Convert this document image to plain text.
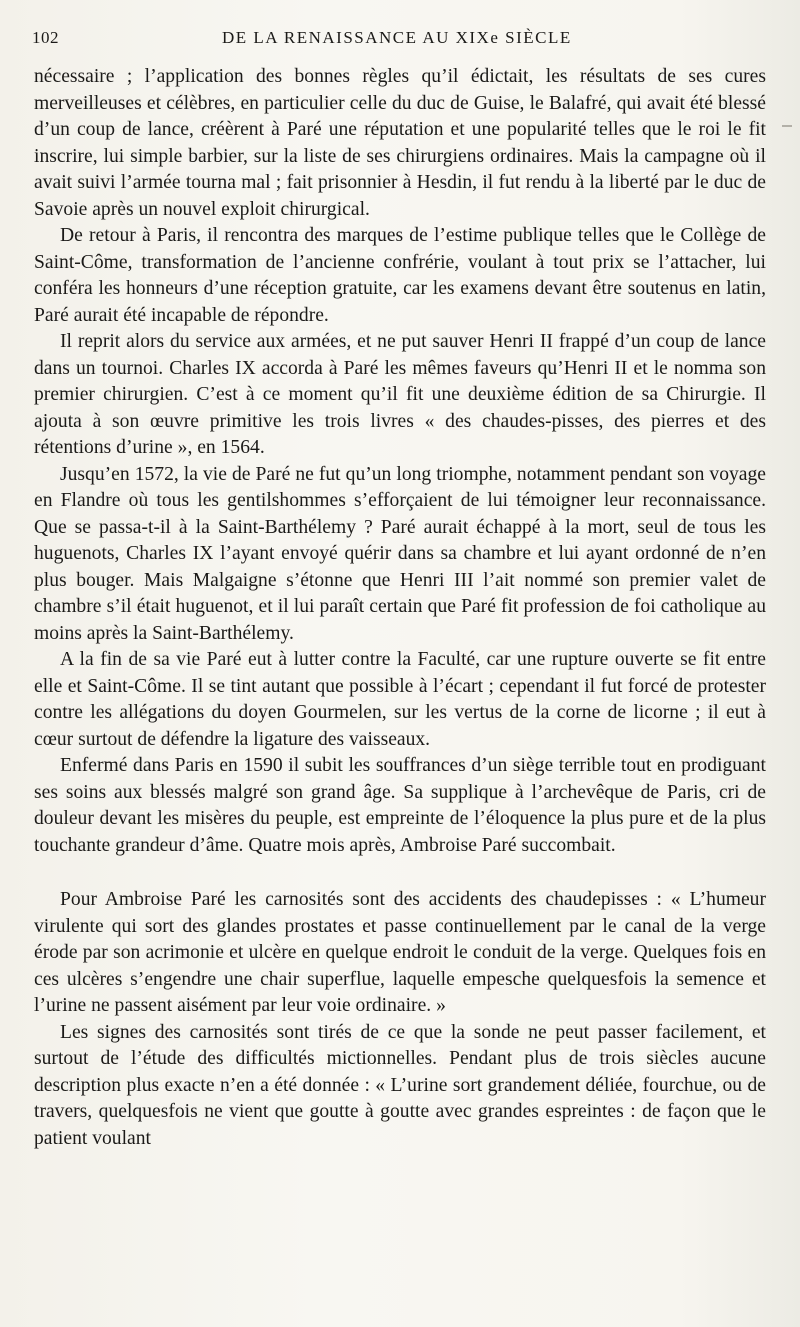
102	DE LA RENAISSANCE AU XIXe SIÈCLE

nécessaire ; l’application des bonnes règles qu’il édictait, les résultats de ses cures merveilleuses et célèbres, en particulier celle du duc de Guise, le Balafré, qui avait été blessé d’un coup de lance, créèrent à Paré une réputation et une popularité telles que le roi le fit inscrire, lui simple barbier, sur la liste de ses chirurgiens ordinaires. Mais la campagne où il avait suivi l’armée tourna mal ; fait prisonnier à Hesdin, il fut rendu à la liberté par le duc de Savoie après un nouvel exploit chirurgical.

De retour à Paris, il rencontra des marques de l’estime publique telles que le Collège de Saint-Côme, transformation de l’ancienne confrérie, voulant à tout prix se l’attacher, lui conféra les honneurs d’une réception gratuite, car les examens devant être soutenus en latin, Paré aurait été incapable de répondre.

Il reprit alors du service aux armées, et ne put sauver Henri II frappé d’un coup de lance dans un tournoi. Charles IX accorda à Paré les mêmes faveurs qu’Henri II et le nomma son premier chirurgien. C’est à ce moment qu’il fit une deuxième édition de sa Chirurgie. Il ajouta à son œuvre primitive les trois livres « des chaudes-pisses, des pierres et des rétentions d’urine », en 1564.

Jusqu’en 1572, la vie de Paré ne fut qu’un long triomphe, notamment pendant son voyage en Flandre où tous les gentilshommes s’efforçaient de lui témoigner leur reconnaissance. Que se passa-t-il à la Saint-Barthélemy ? Paré aurait échappé à la mort, seul de tous les huguenots, Charles IX l’ayant envoyé quérir dans sa chambre et lui ayant ordonné de n’en plus bouger. Mais Malgaigne s’étonne que Henri III l’ait nommé son premier valet de chambre s’il était huguenot, et il lui paraît certain que Paré fit profession de foi catholique au moins après la Saint-Barthélemy.

A la fin de sa vie Paré eut à lutter contre la Faculté, car une rupture ouverte se fit entre elle et Saint-Côme. Il se tint autant que possible à l’écart ; cependant il fut forcé de protester contre les allégations du doyen Gourmelen, sur les vertus de la corne de licorne ; il eut à cœur surtout de défendre la ligature des vaisseaux.

Enfermé dans Paris en 1590 il subit les souffrances d’un siège terrible tout en prodiguant ses soins aux blessés malgré son grand âge. Sa supplique à l’archevêque de Paris, cri de douleur devant les misères du peuple, est empreinte de l’éloquence la plus pure et de la plus touchante grandeur d’âme. Quatre mois après, Ambroise Paré succombait.

Pour Ambroise Paré les carnosités sont des accidents des chaudepisses : « L’humeur virulente qui sort des glandes prostates et passe continuellement par le canal de la verge érode par son acrimonie et ulcère en quelque endroit le conduit de la verge. Quelques fois en ces ulcères s’engendre une chair superflue, laquelle empesche quelquesfois la semence et l’urine ne passent aisément par leur voie ordinaire. »

Les signes des carnosités sont tirés de ce que la sonde ne peut passer facilement, et surtout de l’étude des difficultés mictionnelles. Pendant plus de trois siècles aucune description plus exacte n’en a été donnée : « L’urine sort grandement déliée, fourchue, ou de travers, quelquesfois ne vient que goutte à goutte avec grandes espreintes : de façon que le patient voulant
